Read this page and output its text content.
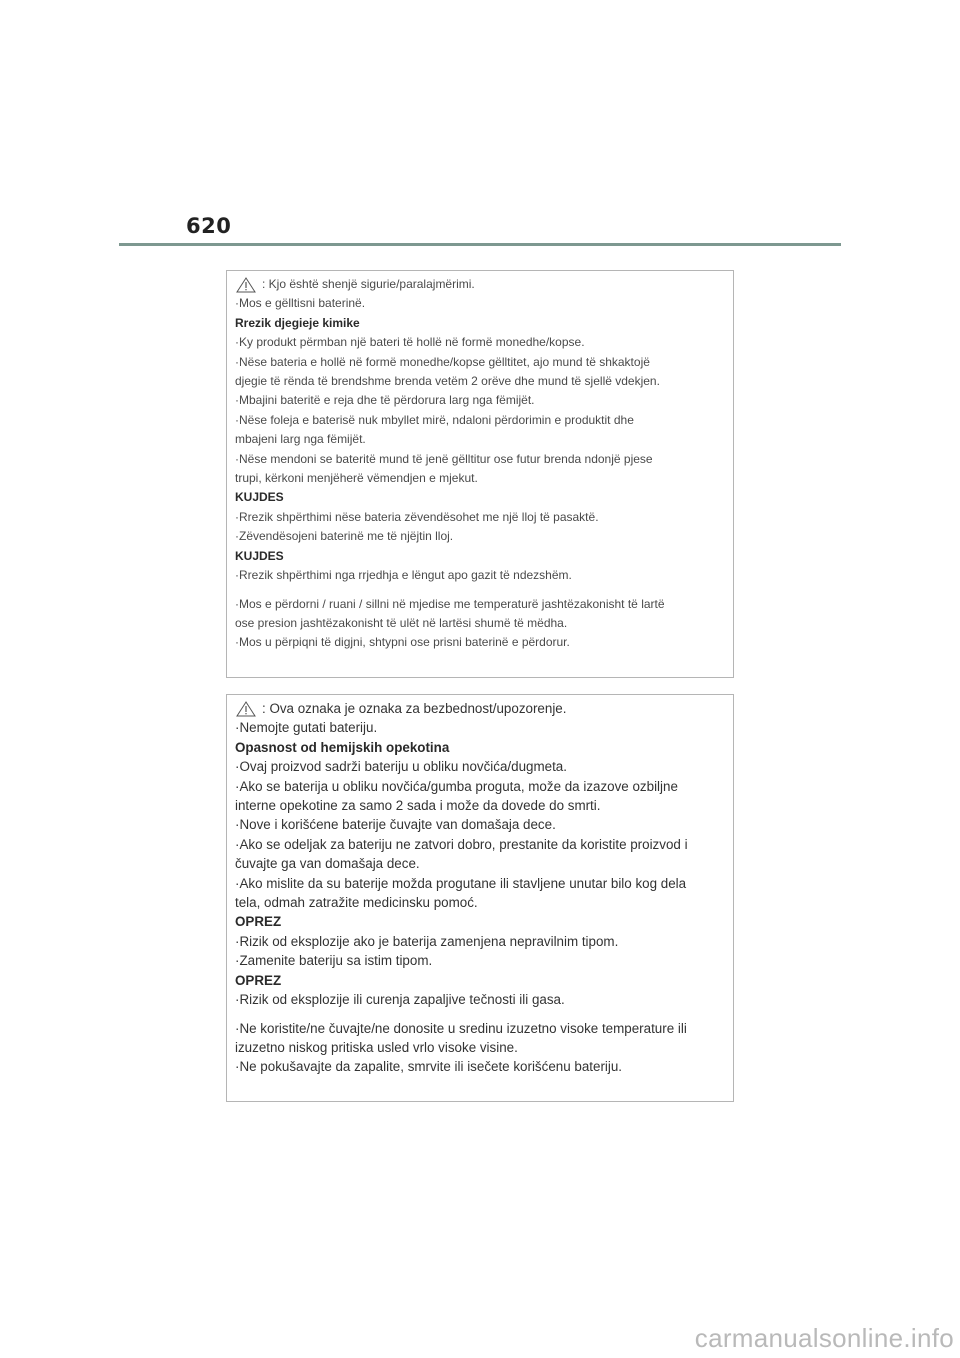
620
: Kjo është shenjë sigurie/paralajmërimi.
·Mos e gëlltisni baterinë.
Rrezik djegieje kimike
·Ky produkt përmban një bateri të hollë në formë monedhe/kopse.
·Nëse bateria e hollë në formë monedhe/kopse gëlltitet, ajo mund të shkaktojë
djegie të rënda të brendshme brenda vetëm 2 orëve dhe mund të sjellë vdekjen.
·Mbajini bateritë e reja dhe të përdorura larg nga fëmijët.
·Nëse foleja e baterisë nuk mbyllet mirë, ndaloni përdorimin e produktit dhe
mbajeni larg nga fëmijët.
·Nëse mendoni se bateritë mund të jenë gëlltitur ose futur brenda ndonjë pjese
trupi, kërkoni menjëherë vëmendjen e mjekut.
KUJDES
·Rrezik shpërthimi nëse bateria zëvendësohet me një lloj të pasaktë.
·Zëvendësojeni baterinë me të njëjtin lloj.
KUJDES
·Rrezik shpërthimi nga rrjedhja e lëngut apo gazit të ndezshëm.
·Mos e përdorni / ruani / sillni në mjedise me temperaturë jashtëzakonisht të lartë
ose presion jashtëzakonisht të ulët në lartësi shumë të mëdha.
·Mos u përpiqni të digjni, shtypni ose prisni baterinë e përdorur.
: Ova oznaka je oznaka za bezbednost/upozorenje.
·Nemojte gutati bateriju.
Opasnost od hemijskih opekotina
·Ovaj proizvod sadrži bateriju u obliku novčića/dugmeta.
·Ako se baterija u obliku novčića/gumba proguta, može da izazove ozbiljne
interne opekotine za samo 2 sada i može da dovede do smrti.
·Nove i korišćene baterije čuvajte van domašaja dece.
·Ako se odeljak za bateriju ne zatvori dobro, prestanite da koristite proizvod i
čuvajte ga van domašaja dece.
·Ako mislite da su baterije možda progutane ili stavljene unutar bilo kog dela
tela, odmah zatražite medicinsku pomoć.
OPREZ
·Rizik od eksplozije ako je baterija zamenjena nepravilnim tipom.
·Zamenite bateriju sa istim tipom.
OPREZ
·Rizik od eksplozije ili curenja zapaljive tečnosti ili gasa.
·Ne koristite/ne čuvajte/ne donosite u sredinu izuzetno visoke temperature ili
izuzetno niskog pritiska usled vrlo visoke visine.
·Ne pokušavajte da zapalite, smrvite ili isečete korišćenu bateriju.
carmanualsonline.info
